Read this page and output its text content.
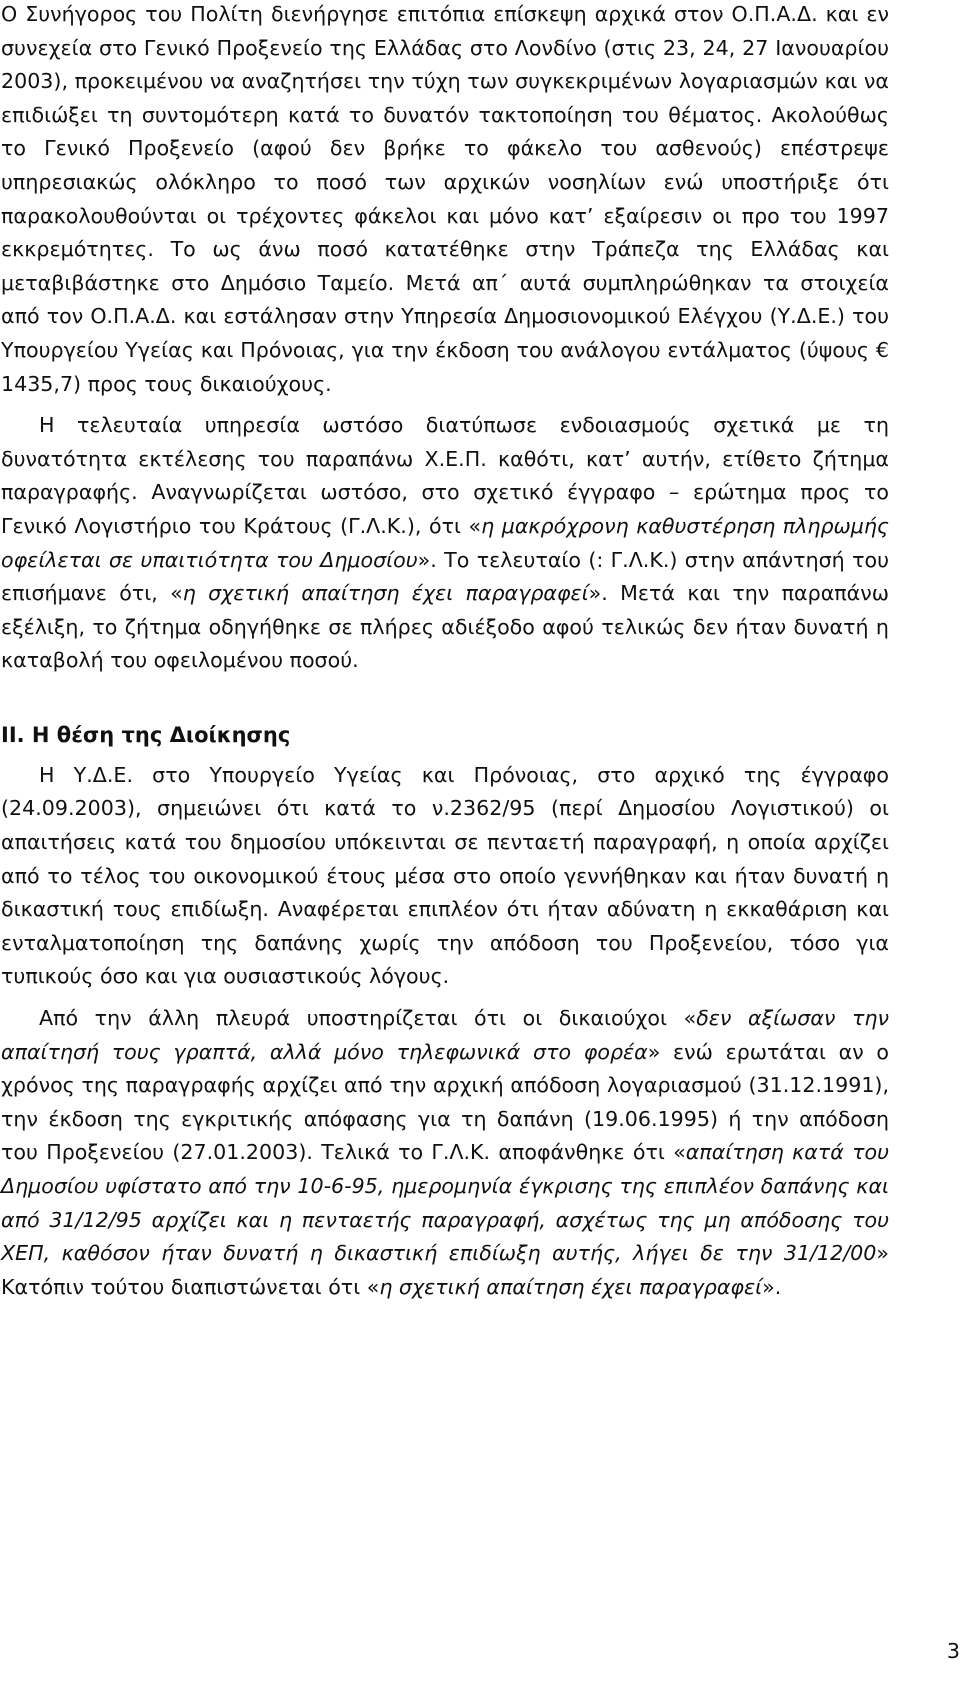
Ο Συνήγορος του Πολίτη διενήργησε επιτόπια επίσκεψη αρχικά στον Ο.Π.Α.Δ. και εν συνεχεία στο Γενικό Προξενείο της Ελλάδας στο Λονδίνο (στις 23, 24, 27 Ιανουαρίου 2003), προκειμένου να αναζητήσει την τύχη των συγκεκριμένων λογαριασμών και να επιδιώξει τη συντομότερη κατά το δυνατόν τακτοποίηση του θέματος. Ακολούθως το Γενικό Προξενείο (αφού δεν βρήκε το φάκελο του ασθενούς) επέστρεψε υπηρεσιακώς ολόκληρο το ποσό των αρχικών νοσηλίων ενώ υποστήριξε ότι παρακολουθούνται οι τρέχοντες φάκελοι και μόνο κατ’ εξαίρεσιν οι προ του 1997 εκκρεμότητες. Το ως άνω ποσό κατατέθηκε στην Τράπεζα της Ελλάδας και μεταβιβάστηκε στο Δημόσιο Ταμείο. Μετά απ΄ αυτά συμπληρώθηκαν τα στοιχεία από τον Ο.Π.Α.Δ. και εστάλησαν στην Υπηρεσία Δημοσιονομικού Ελέγχου (Υ.Δ.Ε.) του Υπουργείου Υγείας και Πρόνοιας, για την έκδοση του ανάλογου εντάλματος (ύψους € 1435,7) προς τους δικαιούχους.

Η τελευταία υπηρεσία ωστόσο διατύπωσε ενδοιασμούς σχετικά με τη δυνατότητα εκτέλεσης του παραπάνω Χ.Ε.Π. καθότι, κατ’ αυτήν, ετίθετο ζήτημα παραγραφής. Αναγνωρίζεται ωστόσο, στο σχετικό έγγραφο – ερώτημα προς το Γενικό Λογιστήριο του Κράτους (Γ.Λ.Κ.), ότι «η μακρόχρονη καθυστέρηση πληρωμής οφείλεται σε υπαιτιότητα του Δημοσίου». Το τελευταίο (: Γ.Λ.Κ.) στην απάντησή του επισήμανε ότι, «η σχετική απαίτηση έχει παραγραφεί». Μετά και την παραπάνω εξέλιξη, το ζήτημα οδηγήθηκε σε πλήρες αδιέξοδο αφού τελικώς δεν ήταν δυνατή η καταβολή του οφειλομένου ποσού.

ΙΙ. Η θέση της Διοίκησης

Η Υ.Δ.Ε. στο Υπουργείο Υγείας και Πρόνοιας, στο αρχικό της έγγραφο (24.09.2003), σημειώνει ότι κατά το ν.2362/95 (περί Δημοσίου Λογιστικού) οι απαιτήσεις κατά του δημοσίου υπόκεινται σε πενταετή παραγραφή, η οποία αρχίζει από το τέλος του οικονομικού έτους μέσα στο οποίο γεννήθηκαν και ήταν δυνατή η δικαστική τους επιδίωξη. Αναφέρεται επιπλέον ότι ήταν αδύνατη η εκκαθάριση και ενταλματοποίηση της δαπάνης χωρίς την απόδοση του Προξενείου, τόσο για τυπικούς όσο και για ουσιαστικούς λόγους.

Από την άλλη πλευρά υποστηρίζεται ότι οι δικαιούχοι «δεν αξίωσαν την απαίτησή τους γραπτά, αλλά μόνο τηλεφωνικά στο φορέα» ενώ ερωτάται αν ο χρόνος της παραγραφής αρχίζει από την αρχική απόδοση λογαριασμού (31.12.1991), την έκδοση της εγκριτικής απόφασης για τη δαπάνη (19.06.1995) ή την απόδοση του Προξενείου (27.01.2003). Τελικά το Γ.Λ.Κ. αποφάνθηκε ότι «απαίτηση κατά του Δημοσίου υφίστατο από την 10-6-95, ημερομηνία έγκρισης της επιπλέον δαπάνης και από 31/12/95 αρχίζει και η πενταετής παραγραφή, ασχέτως της μη απόδοσης του ΧΕΠ, καθόσον ήταν δυνατή η δικαστική επιδίωξη αυτής, λήγει δε την 31/12/00» Κατόπιν τούτου διαπιστώνεται ότι «η σχετική απαίτηση έχει παραγραφεί».

3
